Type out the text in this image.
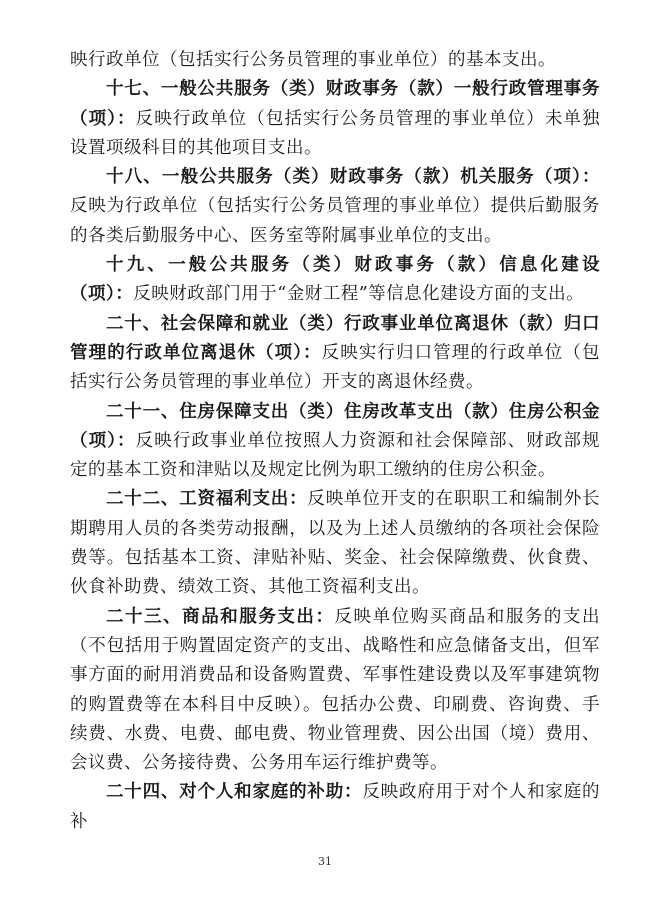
映行政单位（包括实行公务员管理的事业单位）的基本支出。

十七、一般公共服务（类）财政事务（款）一般行政管理事务（项）：反映行政单位（包括实行公务员管理的事业单位）未单独设置项级科目的其他项目支出。

十八、一般公共服务（类）财政事务（款）机关服务（项）：反映为行政单位（包括实行公务员管理的事业单位）提供后勤服务的各类后勤服务中心、医务室等附属事业单位的支出。

十九、一般公共服务（类）财政事务（款）信息化建设（项）：反映财政部门用于“金财工程”等信息化建设方面的支出。

二十、社会保障和就业（类）行政事业单位离退休（款）归口管理的行政单位离退休（项）：反映实行归口管理的行政单位（包括实行公务员管理的事业单位）开支的离退休经费。

二十一、住房保障支出（类）住房改革支出（款）住房公积金（项）：反映行政事业单位按照人力资源和社会保障部、财政部规定的基本工资和津贴以及规定比例为职工缴纳的住房公积金。

二十二、工资福利支出：反映单位开支的在职职工和编制外长期聘用人员的各类劳动报酬，以及为上述人员缴纳的各项社会保险费等。包括基本工资、津贴补贴、奖金、社会保障缴费、伙食费、伙食补助费、绩效工资、其他工资福利支出。

二十三、商品和服务支出：反映单位购买商品和服务的支出（不包括用于购置固定资产的支出、战略性和应急储备支出，但军事方面的耐用消费品和设备购置费、军事性建设费以及军事建筑物的购置费等在本科目中反映）。包括办公费、印刷费、咨询费、手续费、水费、电费、邮电费、物业管理费、因公出国（境）费用、会议费、公务接待费、公务用车运行维护费等。

二十四、对个人和家庭的补助：反映政府用于对个人和家庭的补

31
